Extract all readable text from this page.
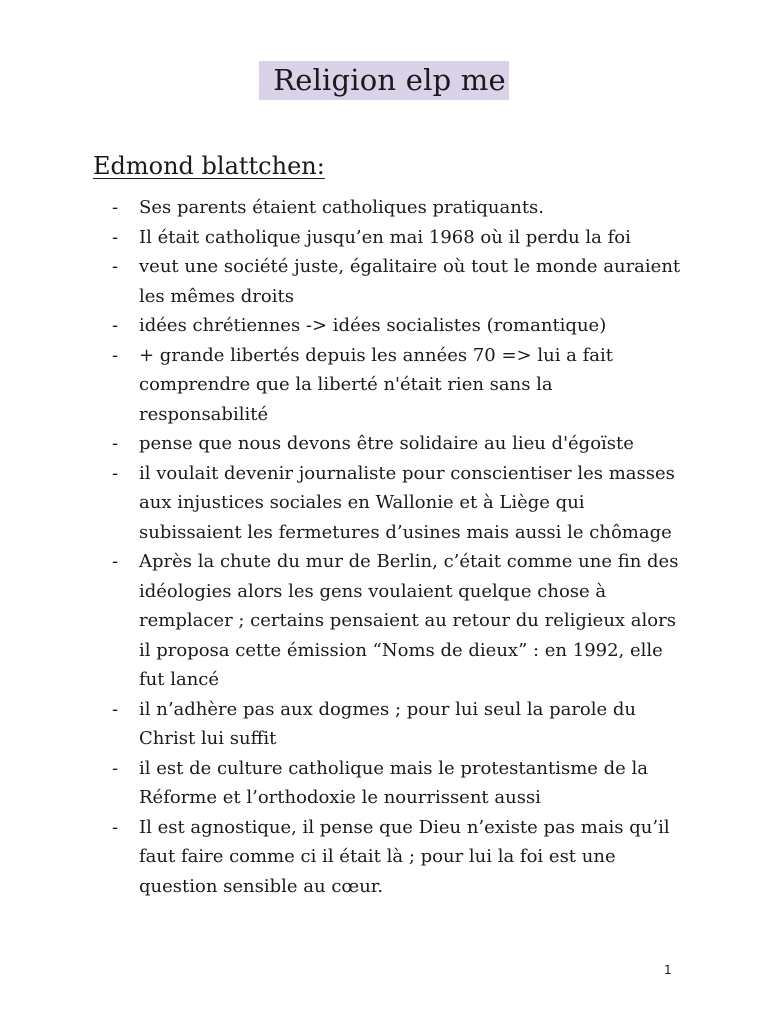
Religion elp me
Edmond blattchen:
- Ses parents étaient catholiques pratiquants.
- Il était catholique jusqu’en mai 1968 où il perdu la foi
- veut une société juste, égalitaire où tout le monde auraient les mêmes droits
- idées chrétiennes -> idées socialistes (romantique)
- + grande libertés depuis les années 70 => lui a fait comprendre que la liberté n'était rien sans la responsabilité
- pense que nous devons être solidaire au lieu d'égoïste
- il voulait devenir journaliste pour conscientiser les masses aux injustices sociales en Wallonie et à Liège qui subissaient les fermetures d’usines mais aussi le chômage
- Après la chute du mur de Berlin, c’était comme une fin des idéologies alors les gens voulaient quelque chose à remplacer ; certains pensaient au retour du religieux alors il proposa cette émission “Noms de dieux” : en 1992, elle fut lancé
- il n’adhère pas aux dogmes ; pour lui seul la parole du Christ lui suffit
- il est de culture catholique mais le protestantisme de la Réforme et l’orthodoxie le nourrissent aussi
- Il est agnostique, il pense que Dieu n’existe pas mais qu’il faut faire comme ci il était là ; pour lui la foi est une question sensible au cœur.
1
